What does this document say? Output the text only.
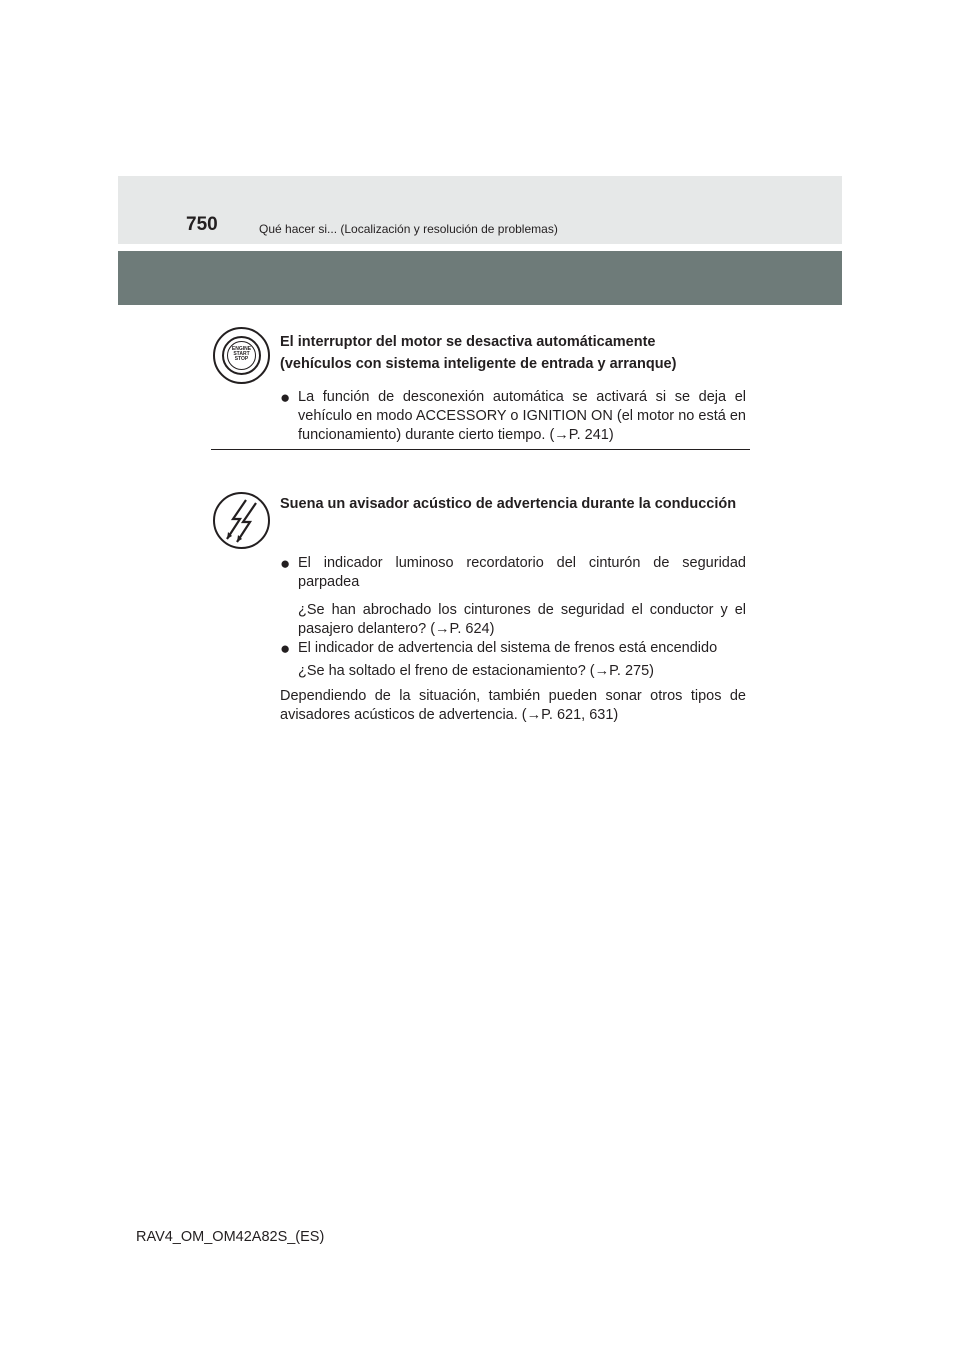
750	Qué hacer si... (Localización y resolución de problemas)
ENGINE
START
STOP
El interruptor del motor se desactiva automáticamente
(vehículos con sistema inteligente de entrada y arranque)
● La función de desconexión automática se activará si se deja el vehículo en modo ACCESSORY o IGNITION ON (el motor no está en funcionamiento) durante cierto tiempo. (→P. 241)
Suena un avisador acústico de advertencia durante la conducción
● El indicador luminoso recordatorio del cinturón de seguridad parpadea
¿Se han abrochado los cinturones de seguridad el conductor y el pasajero delantero? (→P. 624)
● El indicador de advertencia del sistema de frenos está encendido
¿Se ha soltado el freno de estacionamiento? (→P. 275)
Dependiendo de la situación, también pueden sonar otros tipos de avisadores acústicos de advertencia. (→P. 621, 631)
RAV4_OM_OM42A82S_(ES)
